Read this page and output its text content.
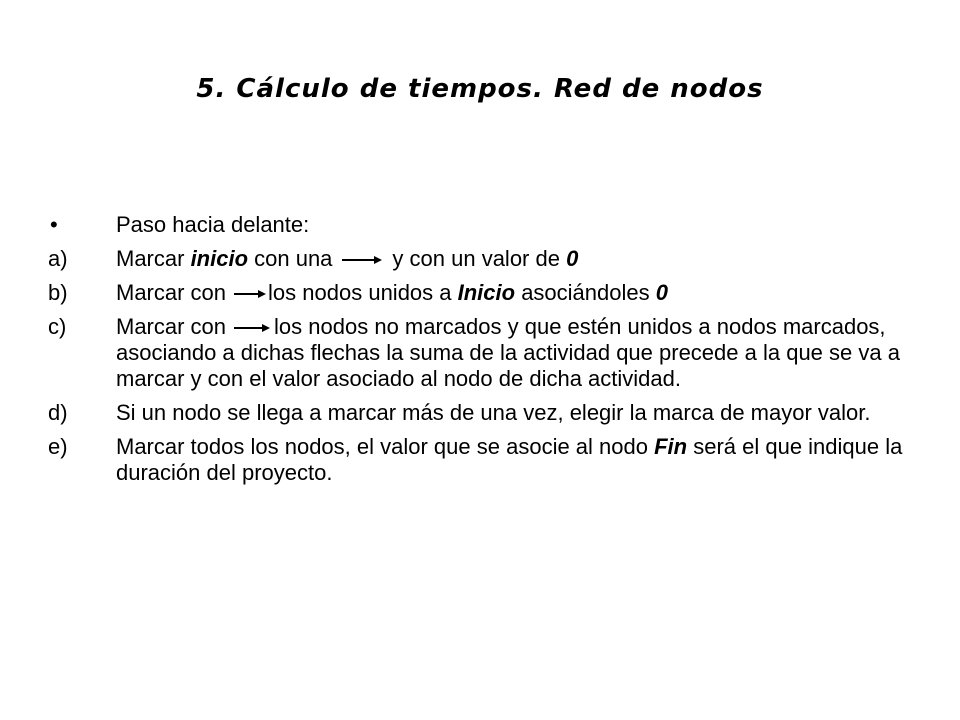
5. Cálculo de tiempos. Red de nodos
•	Paso hacia delante:
a) Marcar inicio con una	y con un valor de 0
b) Marcar con los nodos unidos a Inicio asociándoles 0
c) Marcar con los nodos no marcados y que estén unidos a nodos marcados, asociando a dichas flechas la suma de la actividad que precede a la que se va a marcar y con el valor asociado al nodo de dicha actividad.
d) Si un nodo se llega a marcar más de una vez, elegir la marca de mayor valor.
e) Marcar todos los nodos, el valor que se asocie al nodo Fin será el que indique la duración del proyecto.
